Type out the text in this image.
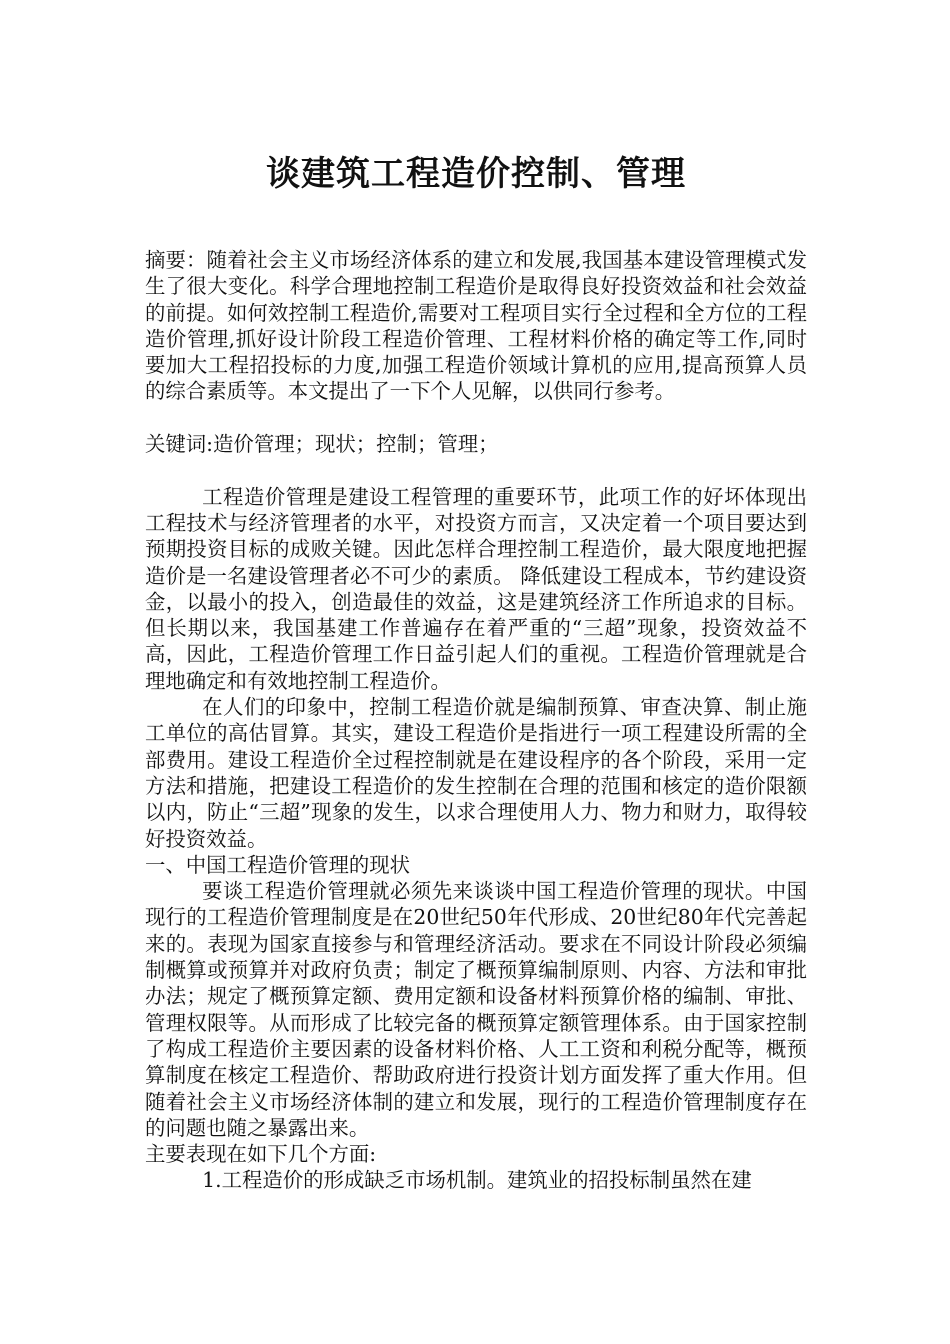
谈建筑工程造价控制、管理

摘要：随着社会主义市场经济体系的建立和发展,我国基本建设管理模式发生了很大变化。科学合理地控制工程造价是取得良好投资效益和社会效益的前提。如何效控制工程造价,需要对工程项目实行全过程和全方位的工程造价管理,抓好设计阶段工程造价管理、工程材料价格的确定等工作,同时要加大工程招投标的力度,加强工程造价领域计算机的应用,提高预算人员的综合素质等。本文提出了一下个人见解，以供同行参考。

关键词:造价管理；现状；控制；管理；

工程造价管理是建设工程管理的重要环节，此项工作的好坏体现出工程技术与经济管理者的水平，对投资方而言，又决定着一个项目要达到预期投资目标的成败关键。因此怎样合理控制工程造价，最大限度地把握造价是一名建设管理者必不可少的素质。 降低建设工程成本，节约建设资金，以最小的投入，创造最佳的效益，这是建筑经济工作所追求的目标。但长期以来，我国基建工作普遍存在着严重的“三超”现象，投资效益不高，因此，工程造价管理工作日益引起人们的重视。工程造价管理就是合理地确定和有效地控制工程造价。

在人们的印象中，控制工程造价就是编制预算、审查决算、制止施工单位的高估冒算。其实，建设工程造价是指进行一项工程建设所需的全部费用。建设工程造价全过程控制就是在建设程序的各个阶段，采用一定方法和措施，把建设工程造价的发生控制在合理的范围和核定的造价限额以内，防止“三超”现象的发生，以求合理使用人力、物力和财力，取得较好投资效益。

一、中国工程造价管理的现状

要谈工程造价管理就必须先来谈谈中国工程造价管理的现状。中国现行的工程造价管理制度是在20世纪50年代形成、20世纪80年代完善起来的。表现为国家直接参与和管理经济活动。要求在不同设计阶段必须编制概算或预算并对政府负责；制定了概预算编制原则、内容、方法和审批办法；规定了概预算定额、费用定额和设备材料预算价格的编制、审批、管理权限等。从而形成了比较完备的概预算定额管理体系。由于国家控制了构成工程造价主要因素的设备材料价格、人工工资和利税分配等，概预算制度在核定工程造价、帮助政府进行投资计划方面发挥了重大作用。但随着社会主义市场经济体制的建立和发展，现行的工程造价管理制度存在的问题也随之暴露出来。

主要表现在如下几个方面:

1.工程造价的形成缺乏市场机制。建筑业的招投标制虽然在建
